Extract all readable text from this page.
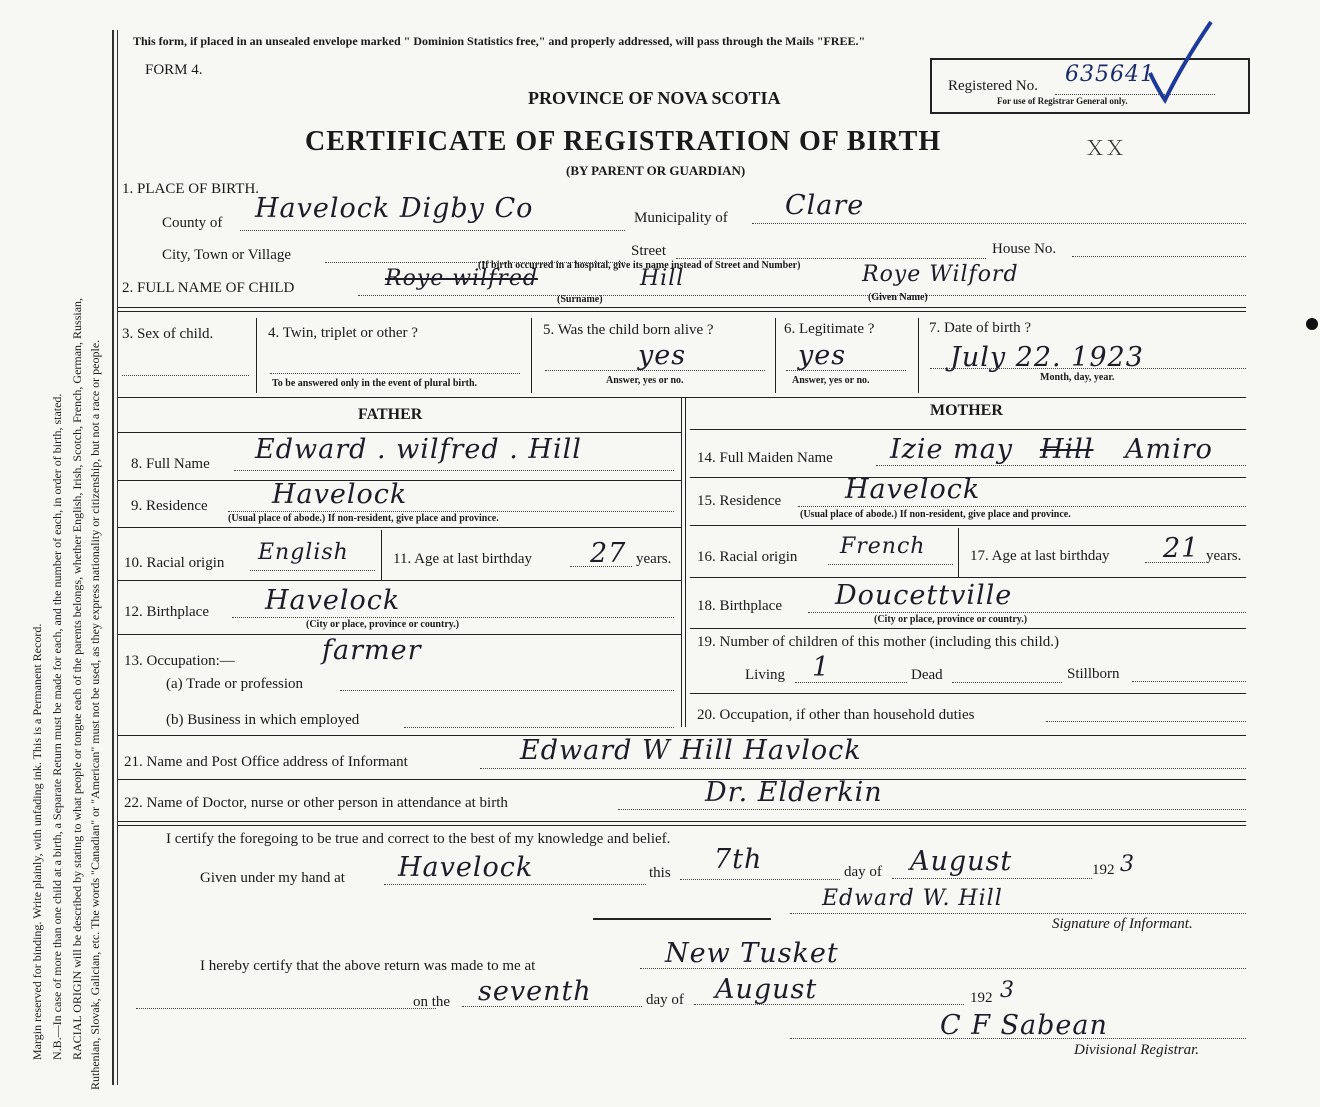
Margin reserved for binding. Write plainly, with unfading ink. This is a Permanent Record. N.B.—In case of more than one child at a birth, a Separate Return must be made for each, and the number of each, in order of birth, stated. RACIAL ORIGIN will be described by stating to what people or tongue each of the parents belongs, whether English, Irish, Scotch, French, German, Russian, Ruthenian, Slovak, Galician, etc. The words "Canadian" or "American" must not be used, as they express nationality or citizenship, but not a race or people.
This form, if placed in an unsealed envelope marked " Dominion Statistics free," and properly addressed, will pass through the Mails "FREE."
FORM 4.
PROVINCE OF NOVA SCOTIA
CERTIFICATE OF REGISTRATION OF BIRTH
(BY PARENT OR GUARDIAN)
ＸＸ
Registered No. 635641
For use of Registrar General only.
1. PLACE OF BIRTH.
County of Havelock Digby Co	Municipality of Clare
City, Town or Village	Street	House No.
(If birth occurred in a hospital, give its name instead of Street and Number)
2. FULL NAME OF CHILD	Roye wilfred	Hill	Roye Wilford
(Surname)	(Given Name)
3. Sex of child.	4. Twin, triplet or other ?
To be answered only in the event of plural birth.
5. Was the child born alive ?
yes
Answer, yes or no.
6. Legitimate ?
yes
Answer, yes or no.
7. Date of birth ?
July 22. 1923
Month, day, year.
FATHER	MOTHER
8. Full Name Edward . wilfred . Hill
9. Residence Havelock
(Usual place of abode.) If non-resident, give place and province.
10. Racial origin English	11. Age at last birthday 27 years.
12. Birthplace Havelock
(City or place, province or country.)
13. Occupation:—	farmer
(a) Trade or profession
(b) Business in which employed
14. Full Maiden Name Izie may Hill Amiro
15. Residence Havelock
(Usual place of abode.) If non-resident, give place and province.
16. Racial origin French	17. Age at last birthday 21 years.
18. Birthplace Doucettville
(City or place, province or country.)
19. Number of children of this mother (including this child.)
Living 1	Dead	Stillborn
20. Occupation, if other than household duties
21. Name and Post Office address of Informant	Edward W Hill Havlock
22. Name of Doctor, nurse or other person in attendance at birth	Dr. Elderkin
I certify the foregoing to be true and correct to the best of my knowledge and belief.
Given under my hand at Havelock	this 7th	day of August	192 3
Edward W. Hill
Signature of Informant.
I hereby certify that the above return was made to me at	New Tusket
on the seventh	day of August	192 3
C F Sabean
Divisional Registrar.
